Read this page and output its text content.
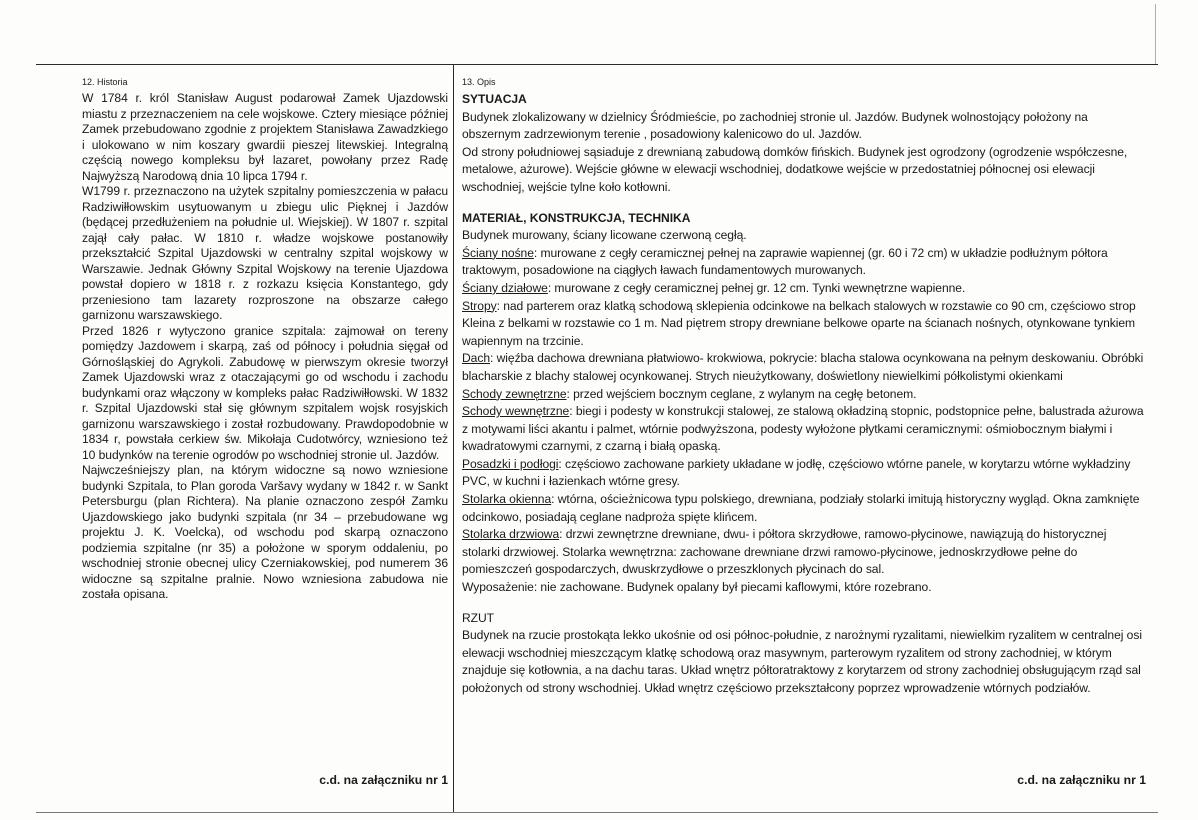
12. Historia

W 1784 r. król Stanisław August podarował Zamek Ujazdowski miastu z przeznaczeniem na cele wojskowe. Cztery miesiące później Zamek przebudowano zgodnie z projektem Stanisława Zawadzkiego i ulokowano w nim koszary gwardii pieszej litewskiej. Integralną częścią nowego kompleksu był lazaret, powołany przez Radę Najwyższą Narodową dnia 10 lipca 1794 r.

W1799 r. przeznaczono na użytek szpitalny pomieszczenia w pałacu Radziwiłłowskim usytuowanym u zbiegu ulic Pięknej i Jazdów (będącej przedłużeniem na południe ul. Wiejskiej). W 1807 r. szpital zajął cały pałac. W 1810 r. władze wojskowe postanowiły przekształcić Szpital Ujazdowski w centralny szpital wojskowy w Warszawie. Jednak Główny Szpital Wojskowy na terenie Ujazdowa powstał dopiero w 1818 r. z rozkazu księcia Konstantego, gdy przeniesiono tam lazarety rozproszone na obszarze całego garnizonu warszawskiego.

Przed 1826 r wytyczono granice szpitala: zajmował on tereny pomiędzy Jazdowem i skarpą, zaś od północy i południa sięgał od Górnośląskiej do Agrykoli. Zabudowę w pierwszym okresie tworzył Zamek Ujazdowski wraz z otaczającymi go od wschodu i zachodu budynkami oraz włączony w kompleks pałac Radziwiłłowski. W 1832 r. Szpital Ujazdowski stał się głównym szpitalem wojsk rosyjskich garnizonu warszawskiego i został rozbudowany. Prawdopodobnie w 1834 r, powstała cerkiew św. Mikołaja Cudotwórcy, wzniesiono też 10 budynków na terenie ogrodów po wschodniej stronie ul. Jazdów.

Najwcześniejszy plan, na którym widoczne są nowo wzniesione budynki Szpitala, to Plan goroda Varšavy wydany w 1842 r. w Sankt Petersburgu (plan Richtera). Na planie oznaczono zespół Zamku Ujazdowskiego jako budynki szpitala (nr 34 – przebudowane wg projektu J. K. Voelcka), od wschodu pod skarpą oznaczono podziemia szpitalne (nr 35) a położone w sporym oddaleniu, po wschodniej stronie obecnej ulicy Czerniakowskiej, pod numerem 36 widoczne są szpitalne pralnie. Nowo wzniesiona zabudowa nie została opisana.

c.d. na załączniku nr 1
13. Opis

SYTUACJA

Budynek zlokalizowany w dzielnicy Śródmieście, po zachodniej stronie ul. Jazdów. Budynek wolnostojący położony na obszernym zadrzewionym terenie , posadowiony kalenicowo do ul. Jazdów.

Od strony południowej sąsiaduje z drewnianą zabudową domków fińskich. Budynek jest ogrodzony (ogrodzenie współczesne, metalowe, ażurowe). Wejście główne w elewacji wschodniej, dodatkowe wejście w przedostatniej północnej osi elewacji wschodniej, wejście tylne koło kotłowni.

MATERIAŁ, KONSTRUKCJA, TECHNIKA

Budynek murowany, ściany licowane czerwoną cegłą.

Ściany nośne: murowane z cegły ceramicznej pełnej na zaprawie wapiennej (gr. 60 i 72 cm) w układzie podłużnym półtora traktowym, posadowione na ciągłych ławach fundamentowych murowanych.

Ściany działowe: murowane z cegły ceramicznej pełnej gr. 12 cm. Tynki wewnętrzne wapienne.

Stropy: nad parterem oraz klatką schodową sklepienia odcinkowe na belkach stalowych w rozstawie co 90 cm, częściowo strop Kleina z belkami w rozstawie co 1 m. Nad piętrem stropy drewniane belkowe oparte na ścianach nośnych, otynkowane tynkiem wapiennym na trzcinie.

Dach: więźba dachowa drewniana płatwiowo- krokwiowa, pokrycie: blacha stalowa ocynkowana na pełnym deskowaniu. Obróbki blacharskie z blachy stalowej ocynkowanej. Strych nieużytkowany, doświetlony niewielkimi półkolistymi okienkami

Schody zewnętrzne: przed wejściem bocznym ceglane, z wylanym na cegłę betonem.

Schody wewnętrzne: biegi i podesty w konstrukcji stalowej, ze stalową okładziną stopnic, podstopnice pełne, balustrada ażurowa z motywami liści akantu i palmet, wtórnie podwyższona, podesty wyłożone płytkami ceramicznymi: ośmiobocznym białymi i kwadratowymi czarnymi, z czarną i białą opaską.

Posadzki i podłogi: częściowo zachowane parkiety układane w jodłę, częściowo wtórne panele, w korytarzu wtórne wykładziny PVC, w kuchni i łazienkach wtórne gresy.

Stolarka okienna: wtórna, ościeżnicowa typu polskiego, drewniana, podziały stolarki imitują historyczny wygląd. Okna zamknięte odcinkowo, posiadają ceglane nadproża spięte klińcem.

Stolarka drzwiowa: drzwi zewnętrzne drewniane, dwu- i półtora skrzydłowe, ramowo-płycinowe, nawiązują do historycznej stolarki drzwiowej. Stolarka wewnętrzna: zachowane drewniane drzwi ramowo-płycinowe, jednoskrzydłowe pełne do pomieszczeń gospodarczych, dwuskrzydłowe o przeszklonych płycinach do sal.

Wyposażenie: nie zachowane. Budynek opalany był piecami kaflowymi, które rozebrano.

RZUT

Budynek na rzucie prostokąta lekko ukośnie od osi północ-południe, z narożnymi ryzalitami, niewielkim ryzalitem w centralnej osi elewacji wschodniej mieszczącym klatkę schodową oraz masywnym, parterowym ryzalitem od strony zachodniej, w którym znajduje się kotłownia, a na dachu taras. Układ wnętrz półtoratraktowy z korytarzem od strony zachodniej obsługującym rząd sal położonych od strony wschodniej. Układ wnętrz częściowo przekształcony poprzez wprowadzenie wtórnych podziałów.

c.d. na załączniku nr 1
